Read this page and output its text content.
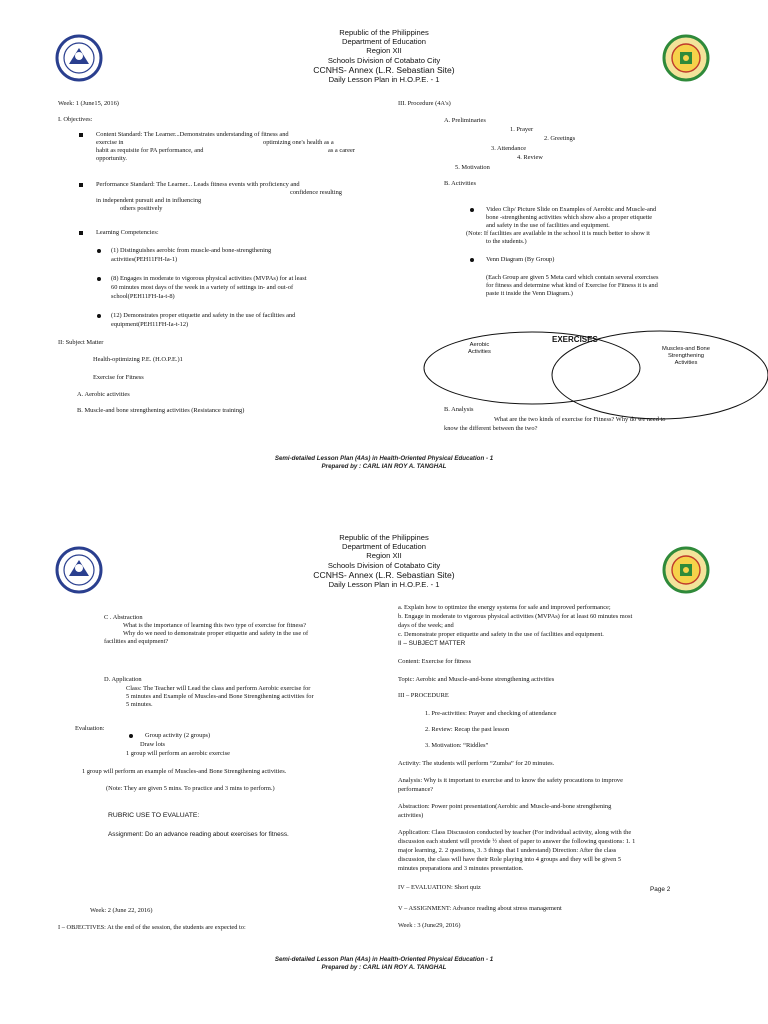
Republic of the Philippines
Department of Education
Region XII
Schools Division of Cotabato City
CCNHS- Annex (L.R. Sebastian Site)
Daily Lesson Plan in H.O.P.E. - 1
Week: 1 (June15, 2016)
I. Objectives:
Content Standard: The Learner...Demonstrates understanding of fitness and
exercise in	optimizing one's health as a
habit as requisite for PA performance, and	as a career
opportunity.
Performance Standard: The Learner... Leads fitness events with proficiency and
confidence resulting
in independent pursuit and in influencing
others positively
Learning Competencies:
(1) Distinguishes aerobic from muscle-and bone-strengthening
activities(PEH11FH-Ia-1)
(8) Engages in moderate to vigorous physical activities (MVPAs) for at least
60 minutes most days of the week in a variety of settings in- and out-of
school(PEH11FH-Ia-t-8)
(12) Demonstrates proper etiquette and safety in the use of facilities and
equipment(PEH11FH-Ia-t-12)
II: Subject Matter
Health-optimizing P.E. (H.O.P.E.)1
Exercise for Fitness
A. Aerobic activities
B. Muscle-and bone strengthening activities (Resistance training)
III. Procedure (4A's)
A. Preliminaries
1. Prayer
2. Greetings
3. Attendance
4. Review
5. Motivation
B. Activities
Video Clip/ Picture Slide on Examples of Aerobic and Muscle-and
bone -strengthening activities which show also a proper etiquette
and safety in the use of facilities and equipment.
(Note: If facilities are available in the school it is much better to show it
to the students.)
Venn Diagram (By Group)
(Each Group are given 5 Meta card which contain several exercises
for fitness and determine what kind of Exercise for Fitness it is and
paste it inside the Venn Diagram.)
EXERCISES
Aerobic
Activities	Muscles-and Bone
Strengthening
Activities
B. Analysis
What are the two kinds of exercise for Fitness? Why do we need to
know the different between the two?
Semi-detailed Lesson Plan (4As) in Health-Oriented Physical Education - 1
Prepared by : CARL IAN ROY A. TANGHAL
Republic of the Philippines
Department of Education
Region XII
Schools Division of Cotabato City
CCNHS- Annex (L.R. Sebastian Site)
Daily Lesson Plan in H.O.P.E. - 1
C . Abstraction
What is the importance of learning this two type of exercise for fitness?
Why do we need to demonstrate proper etiquette and safety in the use of
facilities and equipment?
D. Application
Class: The Teacher will Lead the class and perform Aerobic exercise for
5 minutes and Example of Muscles-and Bone Strengthening activities for
5 minutes.
Evaluation:
Group activity (2 groups)
Draw lots
1 group will perform an aerobic exercise
1 group will perform an example of Muscles-and Bone Strengthening activities.
(Note: They are given 5 mins. To practice and 3 mins to perform.)
RUBRIC USE TO EVALUATE:
Assignment: Do an advance reading about exercises for fitness.
Week: 2 (June 22, 2016)
I – OBJECTIVES: At the end of the session, the students are expected to:
a. Explain how to optimize the energy systems for safe and improved performance;
b. Engage in moderate to vigorous physical activities (MVPAs) for at least 60 minutes most
days of the week; and
c. Demonstrate proper etiquette and safety in the use of facilities and equipment.
II – SUBJECT MATTER
Content: Exercise for fitness
Topic: Aerobic and Muscle-and-bone strengthening activities
III – PROCEDURE
1. Pre-activities: Prayer and checking of attendance
2. Review: Recap the past lesson
3. Motivation: “Riddles”
Activity: The students will perform “Zumba” for 20 minutes.
Analysis: Why is it important to exercise and to know the safety procautions to improve
performance?
Abstraction: Power point presentation(Aerobic and Muscle-and-bone strengthening
activities)
Application: Class Discussion conducted by teacher (For individual activity, along with the
discussion each student will provide ½ sheet of paper to answer the following questions: 1. 1
major learning, 2. 2 questions, 3. 3 things that I understand) Direction: After the class
discussion, the class will have their Role playing into 4 groups and they will be given 5
minutes preparations and 3 minutes presentation.
IV – EVALUATION: Short quiz	Page 2
V – ASSIGNMENT: Advance reading about stress management
Week : 3 (June29, 2016)
Semi-detailed Lesson Plan (4As) in Health-Oriented Physical Education - 1
Prepared by : CARL IAN ROY A. TANGHAL
